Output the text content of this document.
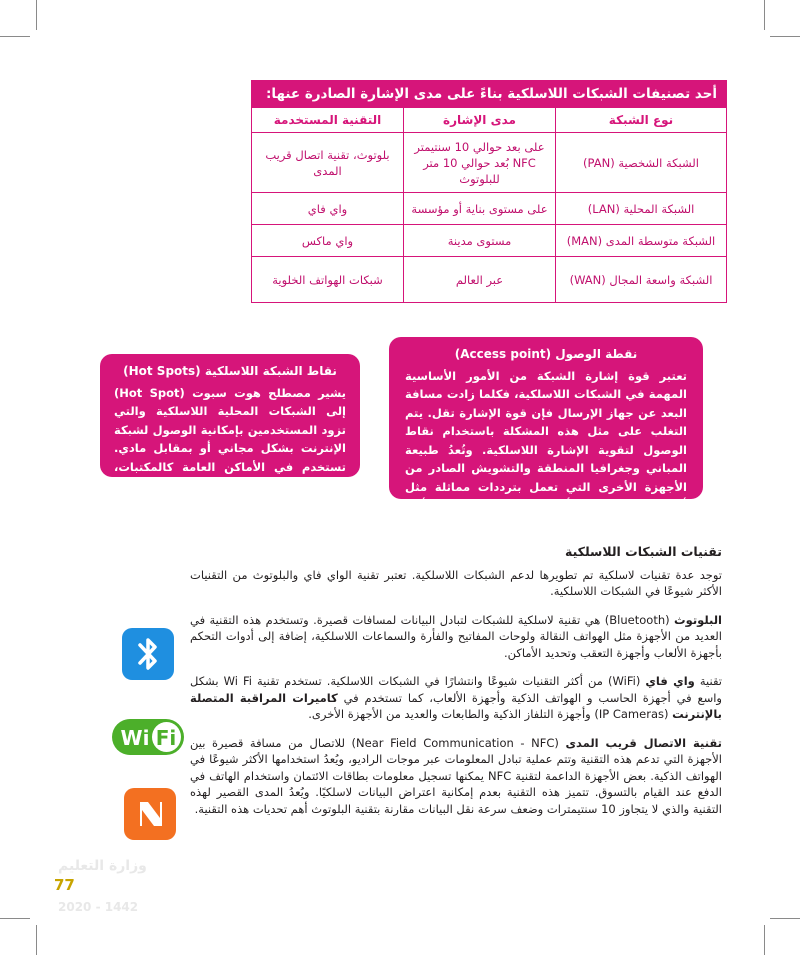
أحد تصنيفات الشبكات اللاسلكية بناءً على مدى الإشارة الصادرة عنها:
نوع الشبكة	مدى الإشارة	التقنية المستخدمة
الشبكة الشخصية (PAN)	على بعد حوالي 10 سنتيمتر NFC بُعد حوالي 10 متر للبلوتوث	بلوتوث، تقنية اتصال قريب المدى
الشبكة المحلية (LAN)	على مستوى بناية أو مؤسسة	واي فاي
الشبكة متوسطة المدى (MAN)	مستوى مدينة	واي ماكس
الشبكة واسعة المجال (WAN)	عبر العالم	شبكات الهواتف الخلوية
نقطة الوصول (Access point)
تعتبر قوة إشارة الشبكة من الأمور الأساسية المهمة في الشبكات اللاسلكية، فكلما زادت مسافة البعد عن جهاز الإرسال فإن قوة الإشارة تقل. يتم التغلب على مثل هذه المشكلة باستخدام نقاط الوصول لتقوية الإشارة اللاسلكية. وتُعدُ طبيعة المباني وجغرافيا المنطقة والتشويش الصادر من الأجهزة الأخرى التي تعمل بترددات مماثلة مثل أفران الميكروويف أو الهواتف النقالة من أهم العوامل المؤثرة على كفاءة نقاط الوصول.
نقاط الشبكة اللاسلكية (Hot Spots)
يشير مصطلح هوت سبوت (Hot Spot) إلى الشبكات المحلية اللاسلكية والتي تزود المستخدمين بإمكانية الوصول لشبكة الإنترنت بشكل مجاني أو بمقابل مادي. تستخدم في الأماكن العامة كالمكتبات، والمطارات والدوائر الحكومية.
تقنيات الشبكات اللاسلكية

توجد عدة تقنيات لاسلكية تم تطويرها لدعم الشبكات اللاسلكية. تعتبر تقنية الواي فاي والبلوتوث من التقنيات الأكثر شيوعًا في الشبكات اللاسلكية.

البلوتوث (Bluetooth) هي تقنية لاسلكية للشبكات لتبادل البيانات لمسافات قصيرة. وتستخدم هذه التقنية في العديد من الأجهزة مثل الهواتف النقالة ولوحات المفاتيح والفأرة والسماعات اللاسلكية، إضافة إلى أدوات التحكم بأجهزة الألعاب وأجهزة التعقب وتحديد الأماكن.

تقنية واي فاي (WiFi) من أكثر التقنيات شيوعًا وانتشارًا في الشبكات اللاسلكية. تستخدم تقنية Wi Fi بشكل واسع في أجهزة الحاسب و الهواتف الذكية وأجهزة الألعاب، كما تستخدم في كاميرات المراقبة المتصلة بالإنترنت (IP Cameras) وأجهزة التلفاز الذكية والطابعات والعديد من الأجهزة الأخرى.

تقنية الاتصال قريب المدى (Near Field Communication - NFC) للاتصال من مسافة قصيرة بين الأجهزة التي تدعم هذه التقنية وتتم عملية تبادل المعلومات عبر موجات الراديو، ويُعدُ استخدامها الأكثر شيوعًا في الهواتف الذكية. بعض الأجهزة الداعمة لتقنية NFC يمكنها تسجيل معلومات بطاقات الائتمان واستخدام الهاتف في الدفع عند القيام بالتسوق. تتميز هذه التقنية بعدم إمكانية اعتراض البيانات لاسلكيًا. ويُعدُ المدى القصير لهذه التقنية والذي لا يتجاوز 10 سنتيمترات وضعف سرعة نقل البيانات مقارنة بتقنية البلوتوث أهم تحديات هذه التقنية.

Wi Fi
وزارة التعليم
2020 - 1442
77
